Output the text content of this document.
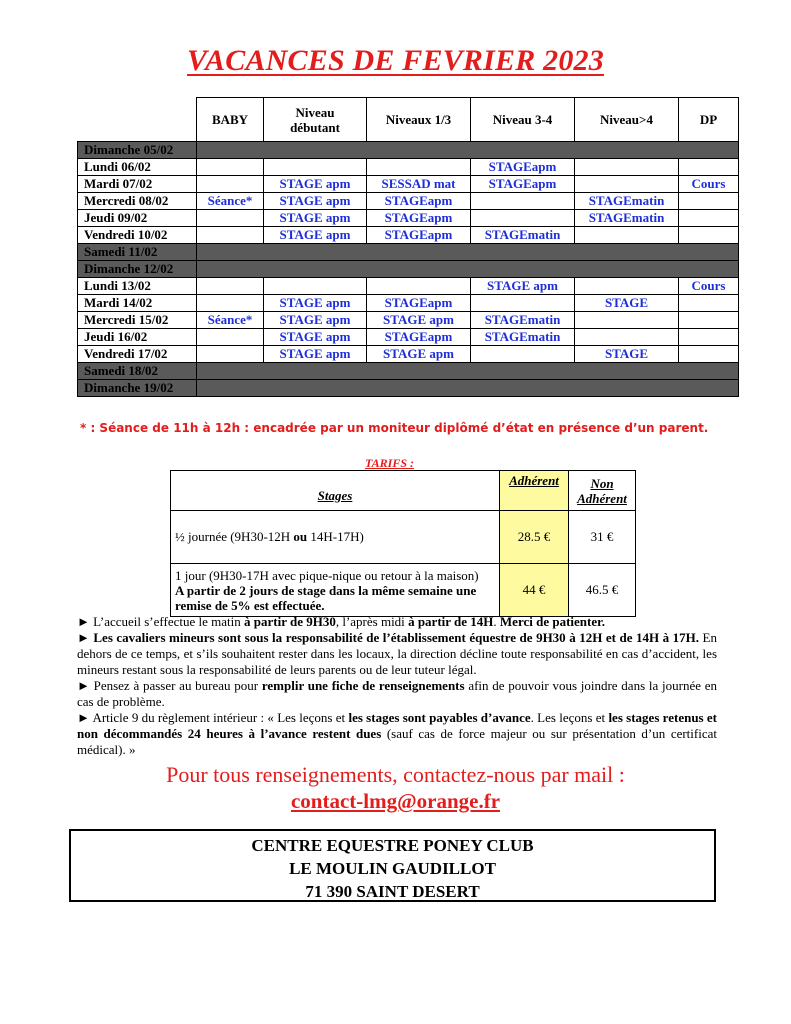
VACANCES DE FEVRIER 2023
	BABY	Niveau débutant	Niveaux 1/3	Niveau 3-4	Niveau>4	DP
Dimanche 05/02						
Lundi 06/02				STAGEapm		
Mardi 07/02		STAGE apm	SESSAD mat	STAGEapm		Cours
Mercredi 08/02	Séance*	STAGE apm	STAGEapm		STAGEmatin	
Jeudi 09/02		STAGE apm	STAGEapm		STAGEmatin	
Vendredi 10/02		STAGE apm	STAGEapm	STAGEmatin		
Samedi 11/02						
Dimanche 12/02						
Lundi 13/02				STAGE apm		Cours
Mardi 14/02		STAGE apm	STAGEapm		STAGE	
Mercredi 15/02	Séance*	STAGE apm	STAGE apm	STAGEmatin		
Jeudi 16/02		STAGE apm	STAGEapm	STAGEmatin		
Vendredi 17/02		STAGE apm	STAGE apm		STAGE	
Samedi 18/02						
Dimanche 19/02						
* : Séance de 11h à 12h : encadrée par un moniteur diplômé d’état en présence d’un parent.
TARIFS :
Stages	Adhérent	Non
Adhérent
½ journée (9H30-12H ou 14H-17H)	28.5 €	31 €
1 jour (9H30-17H avec pique-nique ou retour à la maison)
A partir de 2 jours de stage dans la même semaine une remise de 5% est effectuée.	44 €	46.5 €

► L’accueil s’effectue le matin à partir de 9H30, l’après midi à partir de 14H. Merci de patienter.

► Les cavaliers mineurs sont sous la responsabilité de l’établissement équestre de 9H30 à 12H et de 14H à 17H. En dehors de ce temps, et s’ils souhaitent rester dans les locaux, la direction décline toute responsabilité en cas d’accident, les mineurs restant sous la responsabilité de leurs parents ou de leur tuteur légal.

► Pensez à passer au bureau pour remplir une fiche de renseignements afin de pouvoir vous joindre dans la journée en cas de problème.

► Article 9 du règlement intérieur : « Les leçons et les stages sont payables d’avance. Les leçons et les stages retenus et non décommandés 24 heures à l’avance restent dues (sauf cas de force majeur ou sur présentation d’un certificat médical). »

Pour tous renseignements, contactez-nous par mail :
contact-lmg@orange.fr
CENTRE EQUESTRE PONEY CLUB
LE MOULIN GAUDILLOT
71 390 SAINT DESERT
